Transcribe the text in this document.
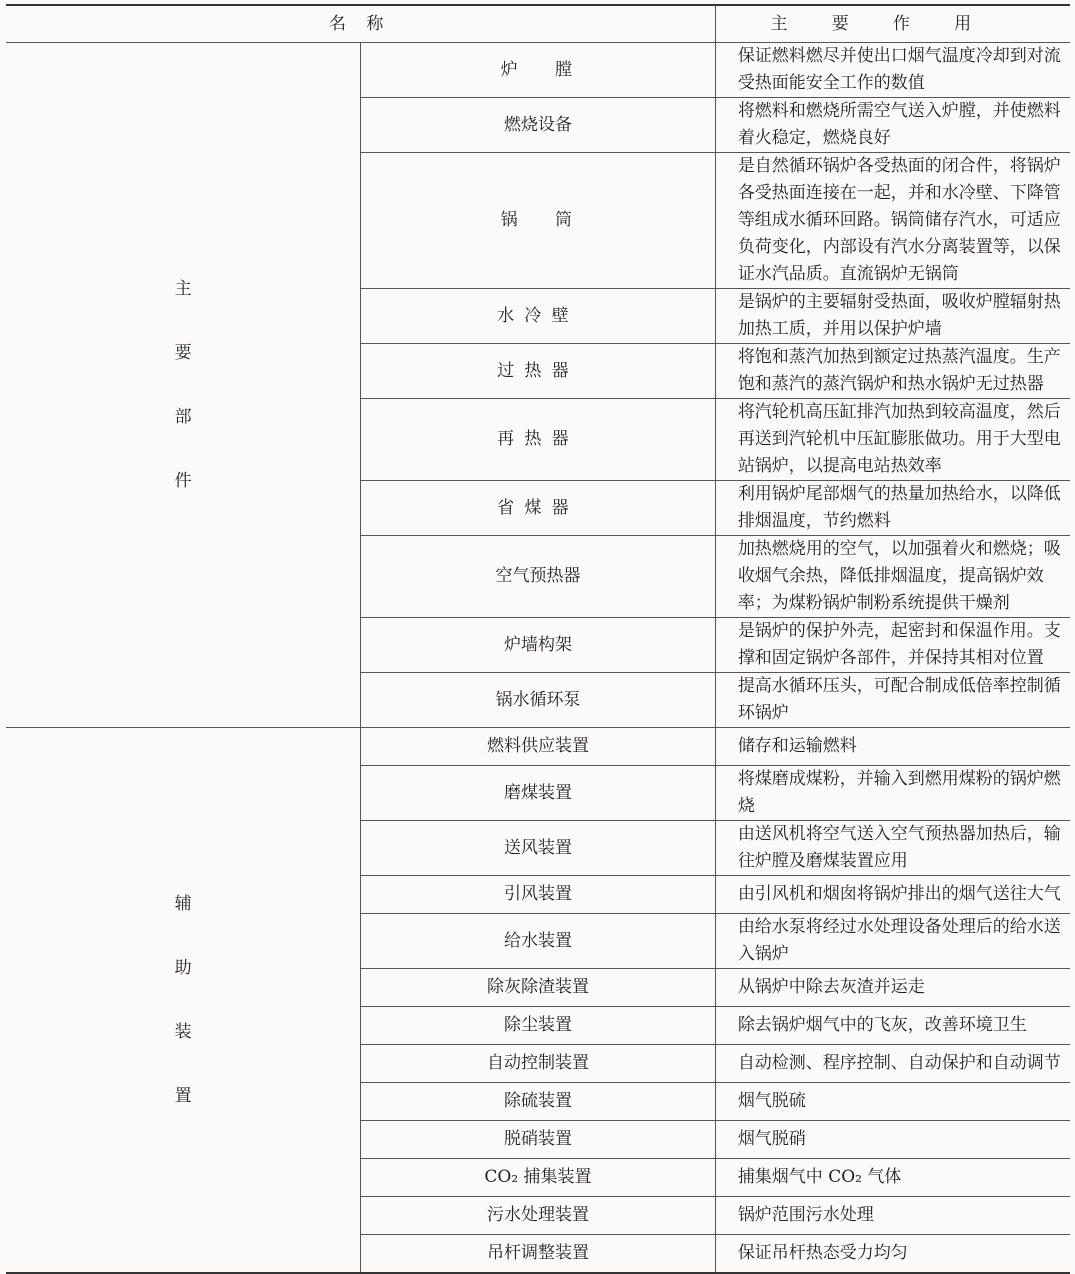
名称		主要作用
主要部件	炉膛	保证燃料燃尽并使出口烟气温度冷却到对流受热面能安全工作的数值
	燃烧设备	将燃料和燃烧所需空气送入炉膛，并使燃料着火稳定，燃烧良好
	锅筒	是自然循环锅炉各受热面的闭合件，将锅炉各受热面连接在一起，并和水冷壁、下降管等组成水循环回路。锅筒储存汽水，可适应负荷变化，内部设有汽水分离装置等，以保证水汽品质。直流锅炉无锅筒
	水冷壁	是锅炉的主要辐射受热面，吸收炉膛辐射热加热工质，并用以保护炉墙
	过热器	将饱和蒸汽加热到额定过热蒸汽温度。生产饱和蒸汽的蒸汽锅炉和热水锅炉无过热器
	再热器	将汽轮机高压缸排汽加热到较高温度，然后再送到汽轮机中压缸膨胀做功。用于大型电站锅炉，以提高电站热效率
	省煤器	利用锅炉尾部烟气的热量加热给水，以降低排烟温度，节约燃料
	空气预热器	加热燃烧用的空气，以加强着火和燃烧；吸收烟气余热，降低排烟温度，提高锅炉效率；为煤粉锅炉制粉系统提供干燥剂
	炉墙构架	是锅炉的保护外壳，起密封和保温作用。支撑和固定锅炉各部件，并保持其相对位置
	锅水循环泵	提高水循环压头，可配合制成低倍率控制循环锅炉
辅助装置	燃料供应装置	储存和运输燃料
	磨煤装置	将煤磨成煤粉，并输入到燃用煤粉的锅炉燃烧
	送风装置	由送风机将空气送入空气预热器加热后，输往炉膛及磨煤装置应用
	引风装置	由引风机和烟囱将锅炉排出的烟气送往大气
	给水装置	由给水泵将经过水处理设备处理后的给水送入锅炉
	除灰除渣装置	从锅炉中除去灰渣并运走
	除尘装置	除去锅炉烟气中的飞灰，改善环境卫生
	自动控制装置	自动检测、程序控制、自动保护和自动调节
	除硫装置	烟气脱硫
	脱硝装置	烟气脱硝
	CO₂ 捕集装置	捕集烟气中 CO₂ 气体
	污水处理装置	锅炉范围污水处理
	吊杆调整装置	保证吊杆热态受力均匀
